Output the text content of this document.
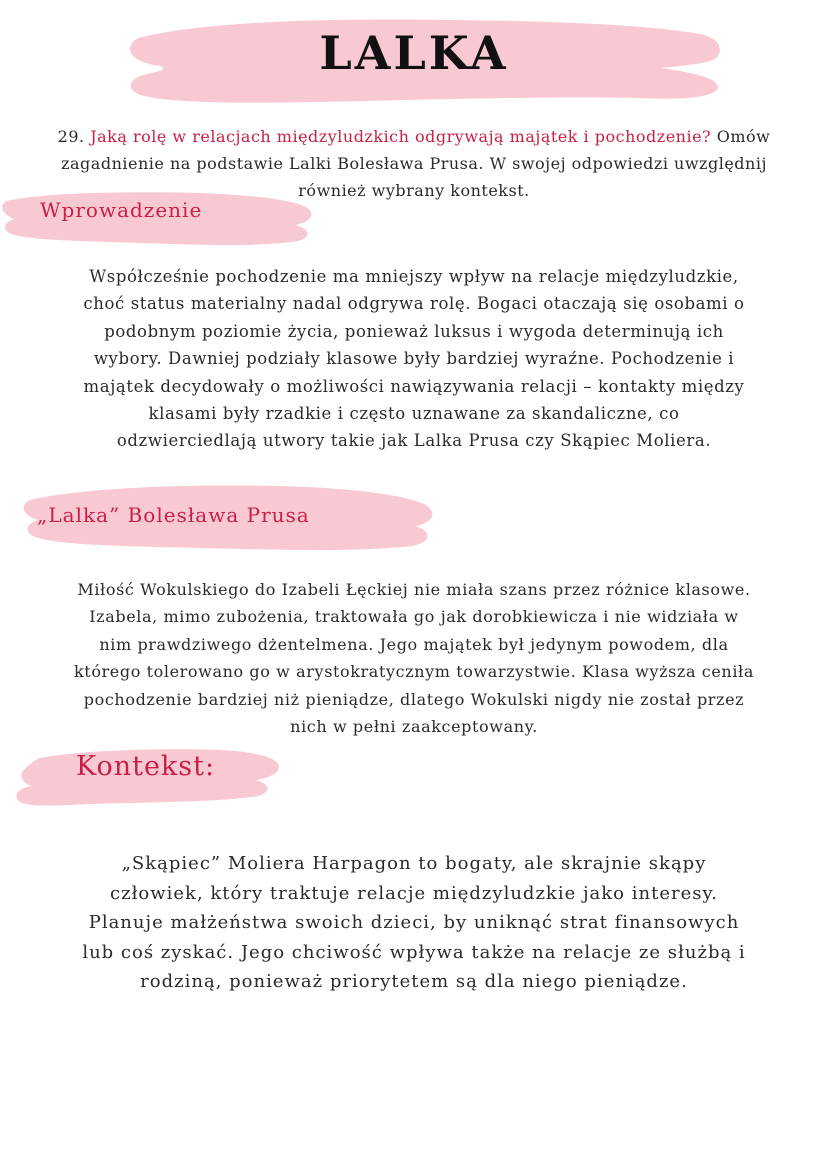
LALKA
29. Jaką rolę w relacjach międzyludzkich odgrywają majątek i pochodzenie? Omów
zagadnienie na podstawie Lalki Bolesława Prusa. W swojej odpowiedzi uwzględnij
również wybrany kontekst.
Wprowadzenie
Współcześnie pochodzenie ma mniejszy wpływ na relacje międzyludzkie,
choć status materialny nadal odgrywa rolę. Bogaci otaczają się osobami o
podobnym poziomie życia, ponieważ luksus i wygoda determinują ich
wybory. Dawniej podziały klasowe były bardziej wyraźne. Pochodzenie i
majątek decydowały o możliwości nawiązywania relacji – kontakty między
klasami były rzadkie i często uznawane za skandaliczne, co
odzwierciedlają utwory takie jak Lalka Prusa czy Skąpiec Moliera.
„Lalka” Bolesława Prusa
Miłość Wokulskiego do Izabeli Łęckiej nie miała szans przez różnice klasowe.
Izabela, mimo zubożenia, traktowała go jak dorobkiewicza i nie widziała w
nim prawdziwego dżentelmena. Jego majątek był jedynym powodem, dla
którego tolerowano go w arystokratycznym towarzystwie. Klasa wyższa ceniła
pochodzenie bardziej niż pieniądze, dlatego Wokulski nigdy nie został przez
nich w pełni zaakceptowany.
Kontekst:
„Skąpiec” Moliera Harpagon to bogaty, ale skrajnie skąpy
człowiek, który traktuje relacje międzyludzkie jako interesy.
Planuje małżeństwa swoich dzieci, by uniknąć strat finansowych
lub coś zyskać. Jego chciwość wpływa także na relacje ze służbą i
rodziną, ponieważ priorytetem są dla niego pieniądze.
